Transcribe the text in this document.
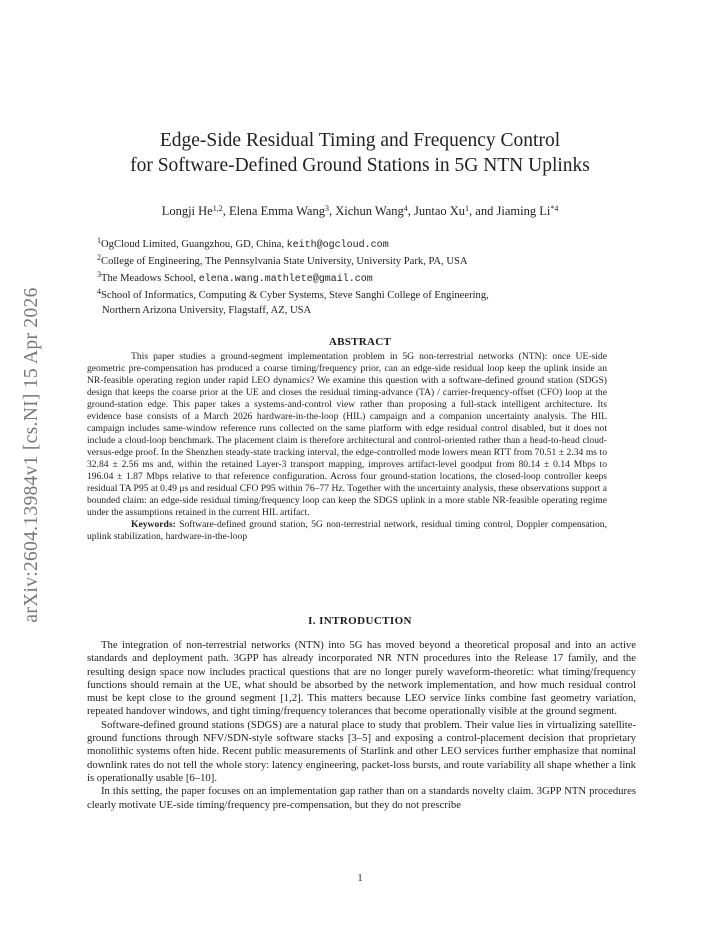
arXiv:2604.13984v1 [cs.NI] 15 Apr 2026
Edge-Side Residual Timing and Frequency Control
for Software-Defined Ground Stations in 5G NTN Uplinks
Longji He$^{1,2}$, Elena Emma Wang$^3$, Xichun Wang$^4$, Juntao Xu$^1$, and Jiaming Li$^{*4}$
$^1$OgCloud Limited, Guangzhou, GD, China, keith@ogcloud.com
$^2$College of Engineering, The Pennsylvania State University, University Park, PA, USA
$^3$The Meadows School, elena.wang.mathlete@gmail.com
$^4$School of Informatics, Computing & Cyber Systems, Steve Sanghi College of Engineering,
Northern Arizona University, Flagstaff, AZ, USA
ABSTRACT

This paper studies a ground-segment implementation problem in 5G non-terrestrial networks (NTN): once UE-side geometric pre-compensation has produced a coarse timing/frequency prior, can an edge-side residual loop keep the uplink inside an NR-feasible operating region under rapid LEO dynamics? We examine this question with a software-defined ground station (SDGS) design that keeps the coarse prior at the UE and closes the residual timing-advance (TA) / carrier-frequency-offset (CFO) loop at the ground-station edge. This paper takes a systems-and-control view rather than proposing a full-stack intelligent architecture. Its evidence base consists of a March 2026 hardware-in-the-loop (HIL) campaign and a companion uncertainty analysis. The HIL campaign includes same-window reference runs collected on the same platform with edge residual control disabled, but it does not include a cloud-loop benchmark. The placement claim is therefore architectural and control-oriented rather than a head-to-head cloud-versus-edge proof. In the Shenzhen steady-state tracking interval, the edge-controlled mode lowers mean RTT from 70.51 ± 2.34 ms to 32.84 ± 2.56 ms and, within the retained Layer-3 transport mapping, improves artifact-level goodput from 80.14 ± 0.14 Mbps to 196.04 ± 1.87 Mbps relative to that reference configuration. Across four ground-station locations, the closed-loop controller keeps residual TA P95 at 0.49 μs and residual CFO P95 within 76–77 Hz. Together with the uncertainty analysis, these observations support a bounded claim: an edge-side residual timing/frequency loop can keep the SDGS uplink in a more stable NR-feasible operating regime under the assumptions retained in the current HIL artifact.

Keywords: Software-defined ground station, 5G non-terrestrial network, residual timing control, Doppler compensation, uplink stabilization, hardware-in-the-loop

I. INTRODUCTION

The integration of non-terrestrial networks (NTN) into 5G has moved beyond a theoretical proposal and into an active standards and deployment path. 3GPP has already incorporated NR NTN procedures into the Release 17 family, and the resulting design space now includes practical questions that are no longer purely waveform-theoretic: what timing/frequency functions should remain at the UE, what should be absorbed by the network implementation, and how much residual control must be kept close to the ground segment [1,2]. This matters because LEO service links combine fast geometry variation, repeated handover windows, and tight timing/frequency tolerances that become operationally visible at the ground segment.

Software-defined ground stations (SDGS) are a natural place to study that problem. Their value lies in virtualizing satellite-ground functions through NFV/SDN-style software stacks [3–5] and exposing a control-placement decision that proprietary monolithic systems often hide. Recent public measurements of Starlink and other LEO services further emphasize that nominal downlink rates do not tell the whole story: latency engineering, packet-loss bursts, and route variability all shape whether a link is operationally usable [6–10].

In this setting, the paper focuses on an implementation gap rather than on a standards novelty claim. 3GPP NTN procedures clearly motivate UE-side timing/frequency pre-compensation, but they do not prescribe

1
